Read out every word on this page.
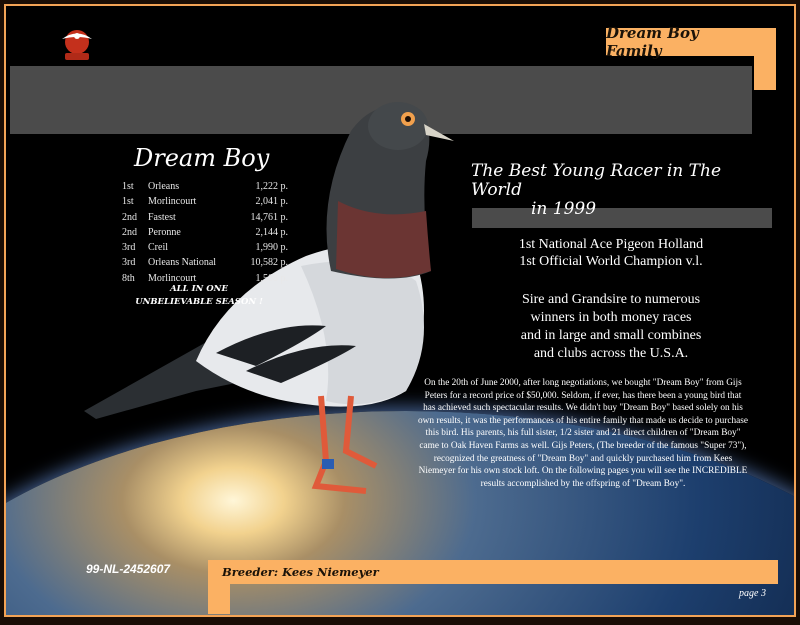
Dream Boy Family
Dream Boy
1st	Orleans	1,222 p.
1st	Morlincourt	2,041 p.
2nd	Fastest	14,761 p.
2nd	Peronne	2,144 p.
3rd	Creil	1,990 p.
3rd	Orleans National	10,582 p.
8th	Morlincourt	1,568 p.
ALL IN ONE
UNBELIEVABLE SEASON !
The Best Young Racer in The World
in 1999
1st National Ace Pigeon Holland
1st Official World Champion v.l.
Sire and Grandsire to numerous
winners in both money races
and in large and small combines
and clubs across the U.S.A.
On the 20th of June 2000, after long negotiations, we bought "Dream Boy" from Gijs Peters for a record price of $50,000. Seldom, if ever, has there been a young bird that has achieved such spectacular results. We didn't buy "Dream Boy" based solely on his own results, it was the performances of his entire family that made us decide to purchase this bird. His parents, his full sister, 1/2 sister and 21 direct children of "Dream Boy" came to Oak Haven Farms as well. Gijs Peters, (The breeder of the famous "Super 73"), recognized the greatness of "Dream Boy" and quickly purchased him from Kees Niemeyer for his own stock loft. On the following pages you will see the INCREDIBLE results accomplished by the offspring of "Dream Boy".
99-NL-2452607	Breeder: Kees Niemeyer
page 3
